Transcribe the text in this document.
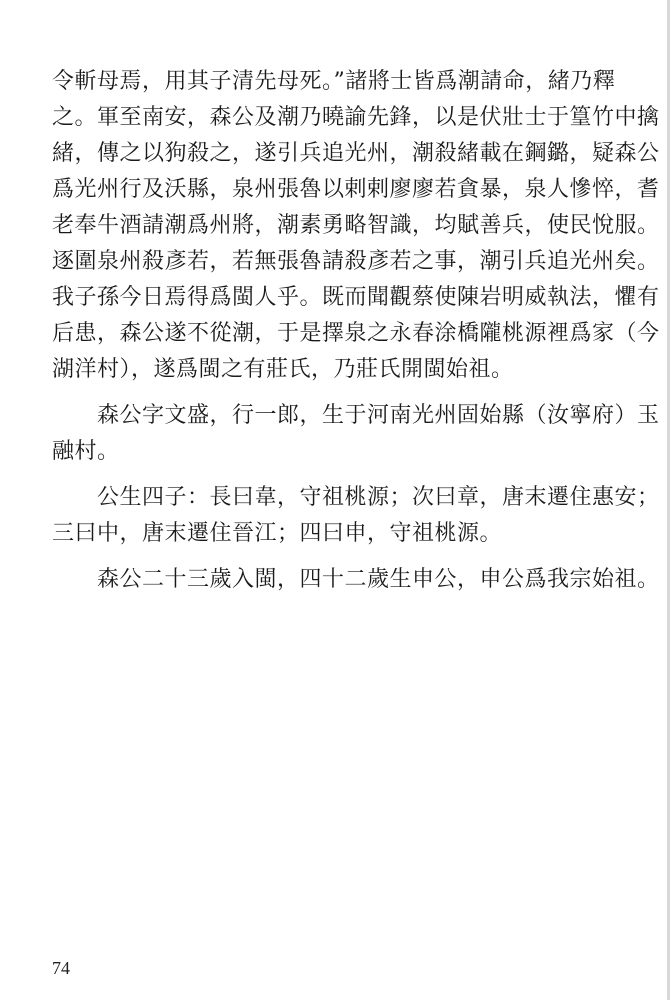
令斬母焉，用其子清先母死。”諸將士皆爲潮請命，緒乃釋
之。軍至南安，森公及潮乃曉諭先鋒，以是伏壯士于篁竹中擒
緒，傳之以狗殺之，遂引兵追光州，潮殺緒載在鋼鏴，疑森公
爲光州行及沃縣，泉州張魯以剌剌廖廖若貪暴，泉人慘悴，耆
老奉牛酒請潮爲州將，潮素勇略智識，均賦善兵，使民悅服。
逐圍泉州殺彥若，若無張魯請殺彥若之事，潮引兵追光州矣。
我子孫今日焉得爲閩人乎。既而聞觀蔡使陳岩明威執法，懼有
后患，森公遂不從潮，于是擇泉之永春涂橋隴桃源裡爲家（今
湖洋村），遂爲閩之有莊氏，乃莊氏開閩始祖。
　　森公字文盛，行一郎，生于河南光州固始縣（汝寧府）玉
融村。
　　公生四子：長曰韋，守祖桃源；次曰章，唐末遷住惠安；
三曰中，唐末遷住晉江；四曰申，守祖桃源。
　　森公二十三歲入閩，四十二歲生申公，申公爲我宗始祖。
74
